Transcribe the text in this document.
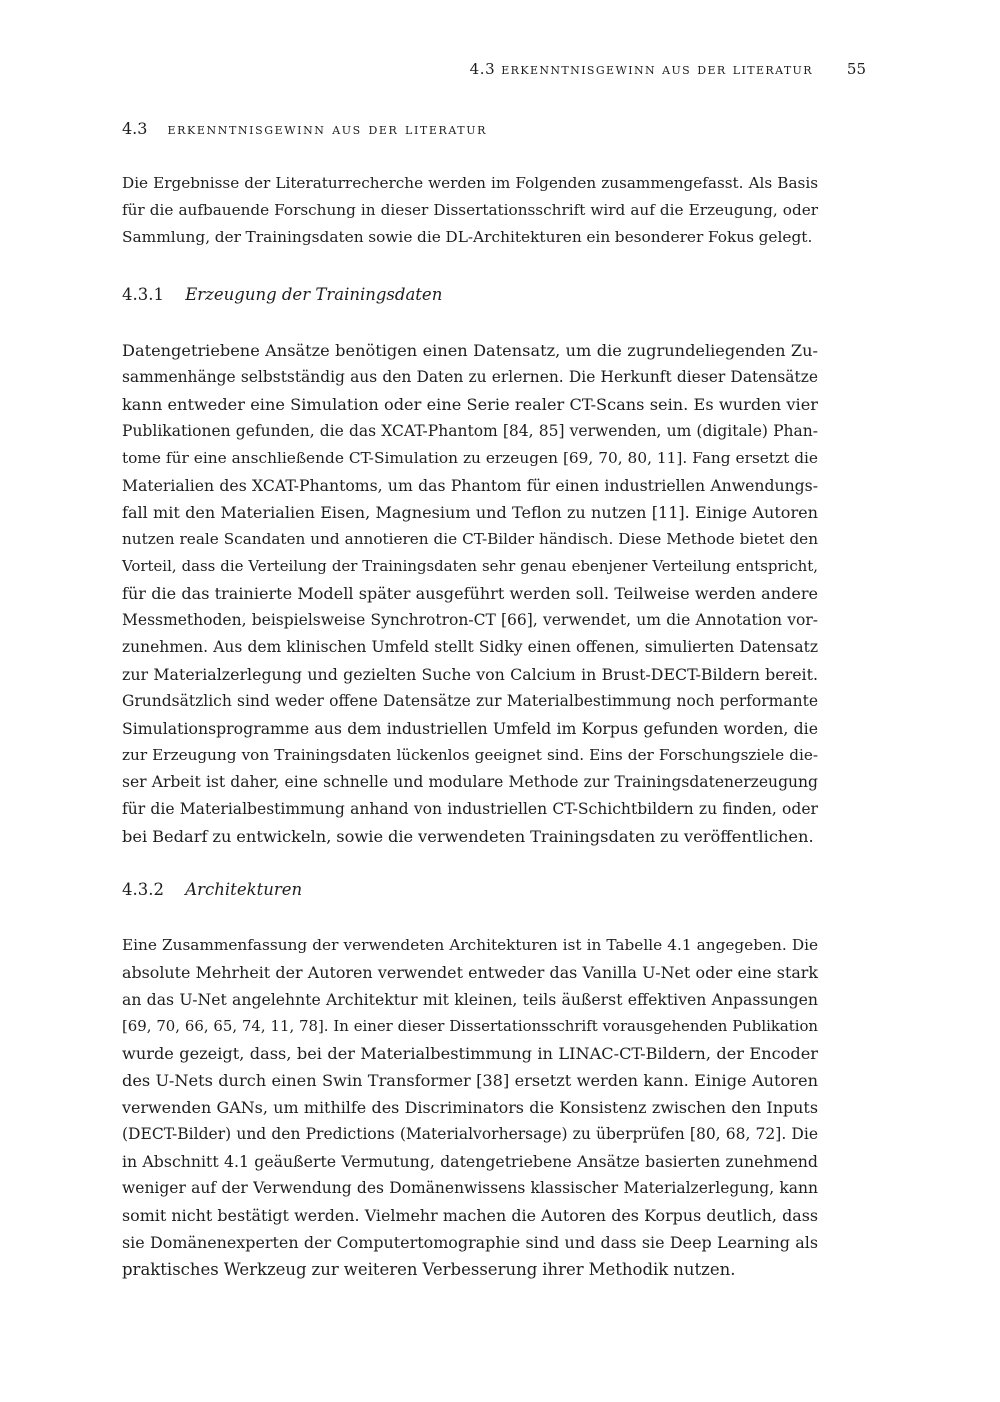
4.3 erkenntnisgewinn aus der literatur 55
4.3 erkenntnisgewinn aus der literatur

Die Ergebnisse der Literaturrecherche werden im Folgenden zusammengefasst. Als Basis
für die aufbauende Forschung in dieser Dissertationsschrift wird auf die Erzeugung, oder
Sammlung, der Trainingsdaten sowie die DL-Architekturen ein besonderer Fokus gelegt.

4.3.1 Erzeugung der Trainingsdaten

Datengetriebene Ansätze benötigen einen Datensatz, um die zugrundeliegenden Zu-
sammenhänge selbstständig aus den Daten zu erlernen. Die Herkunft dieser Datensätze
kann entweder eine Simulation oder eine Serie realer CT-Scans sein. Es wurden vier
Publikationen gefunden, die das XCAT-Phantom [84, 85] verwenden, um (digitale) Phan-
tome für eine anschließende CT-Simulation zu erzeugen [69, 70, 80, 11]. Fang ersetzt die
Materialien des XCAT-Phantoms, um das Phantom für einen industriellen Anwendungs-
fall mit den Materialien Eisen, Magnesium und Teflon zu nutzen [11]. Einige Autoren
nutzen reale Scandaten und annotieren die CT-Bilder händisch. Diese Methode bietet den
Vorteil, dass die Verteilung der Trainingsdaten sehr genau ebenjener Verteilung entspricht,
für die das trainierte Modell später ausgeführt werden soll. Teilweise werden andere
Messmethoden, beispielsweise Synchrotron-CT [66], verwendet, um die Annotation vor-
zunehmen. Aus dem klinischen Umfeld stellt Sidky einen offenen, simulierten Datensatz
zur Materialzerlegung und gezielten Suche von Calcium in Brust-DECT-Bildern bereit.
Grundsätzlich sind weder offene Datensätze zur Materialbestimmung noch performante
Simulationsprogramme aus dem industriellen Umfeld im Korpus gefunden worden, die
zur Erzeugung von Trainingsdaten lückenlos geeignet sind. Eins der Forschungsziele die-
ser Arbeit ist daher, eine schnelle und modulare Methode zur Trainingsdatenerzeugung
für die Materialbestimmung anhand von industriellen CT-Schichtbildern zu finden, oder
bei Bedarf zu entwickeln, sowie die verwendeten Trainingsdaten zu veröffentlichen.

4.3.2 Architekturen

Eine Zusammenfassung der verwendeten Architekturen ist in Tabelle 4.1 angegeben. Die
absolute Mehrheit der Autoren verwendet entweder das Vanilla U-Net oder eine stark
an das U-Net angelehnte Architektur mit kleinen, teils äußerst effektiven Anpassungen
[69, 70, 66, 65, 74, 11, 78]. In einer dieser Dissertationsschrift vorausgehenden Publikation
wurde gezeigt, dass, bei der Materialbestimmung in LINAC-CT-Bildern, der Encoder
des U-Nets durch einen Swin Transformer [38] ersetzt werden kann. Einige Autoren
verwenden GANs, um mithilfe des Discriminators die Konsistenz zwischen den Inputs
(DECT-Bilder) und den Predictions (Materialvorhersage) zu überprüfen [80, 68, 72]. Die
in Abschnitt 4.1 geäußerte Vermutung, datengetriebene Ansätze basierten zunehmend
weniger auf der Verwendung des Domänenwissens klassischer Materialzerlegung, kann
somit nicht bestätigt werden. Vielmehr machen die Autoren des Korpus deutlich, dass
sie Domänenexperten der Computertomographie sind und dass sie Deep Learning als
praktisches Werkzeug zur weiteren Verbesserung ihrer Methodik nutzen.
